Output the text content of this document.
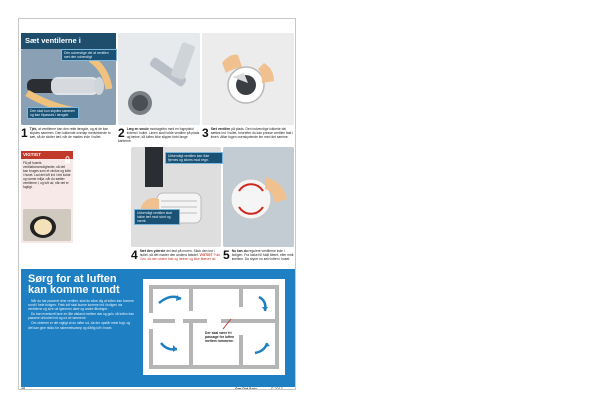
Sæt ventilerne i
Den udvendige del af ventilen sæt den udvendigt
Den skal kun skydes sammen og kan tilpasses i længde.
1 Tjek, at ventilerne kan den rette længde, og at de kan skydes sammen. Den lukkende overlap medvirkende to sæt, så de slutter tæt, når de mødes inde i hullet.	2 Læg en smule montagelim med en fugepistol inderst i hullet. Limen skal holde ventilen på plads og tætne, så luften ikke slipper forbi lange kanterne.
3 Sæt ventilen på plads. Den indvendige lukkede del sættes ind i hullet, hvorefter du kan presse ventilen fast i limen. Aftør fugen overskydende lim med det samme.
VIGTIGT
Få på husets ventilationsmuligheder, så det kan bruges som et vindue og lufte i huset. Lad det luft ind i det kolde og varme miljø, når du sætter ventilerne i, og luft ud, når det er fugtigt.
Udvendigt ventilen kan ikke fjernes og sikres mod regn.
Udvendigt ventilen skal lukke tæt mod stort og varmt.
4 Sæt den yderste del fast på muren. Skub den ind i hullet, så det møder den andens fatsdel. VIGTIGT Fuld i lim, så den sidder fast og tætner og ikke blæser ud. 5 Nu kan du regulere ventilerne inde i boligen. Fra lukket til fuldt åbent, eller midt imellem. Du styrer nu selv luften i huset.
Sørg for at luften kan komme rundt

Når du har placeret dine ventiler, skal du sikre dig at luften kan komme rundt i hele boligen. Frisk luft skal kunne komme ind i boligen via ventilerne og sive ud igennem døre og andre åbninger.

Du kan eventuelt lave en lille afstand mellem dør og gulv, så luften kan passere uhindret ind og ud af rummene.

Om vinteren er det vigtigt at du lufter ud, da der opstår mest fugt, og det kan give risiko for skimmelsvamp og dårlig luft i huset.

Der skal være fri passage for luften mellem rummene.
48	Gør Det Selv	© 2013
